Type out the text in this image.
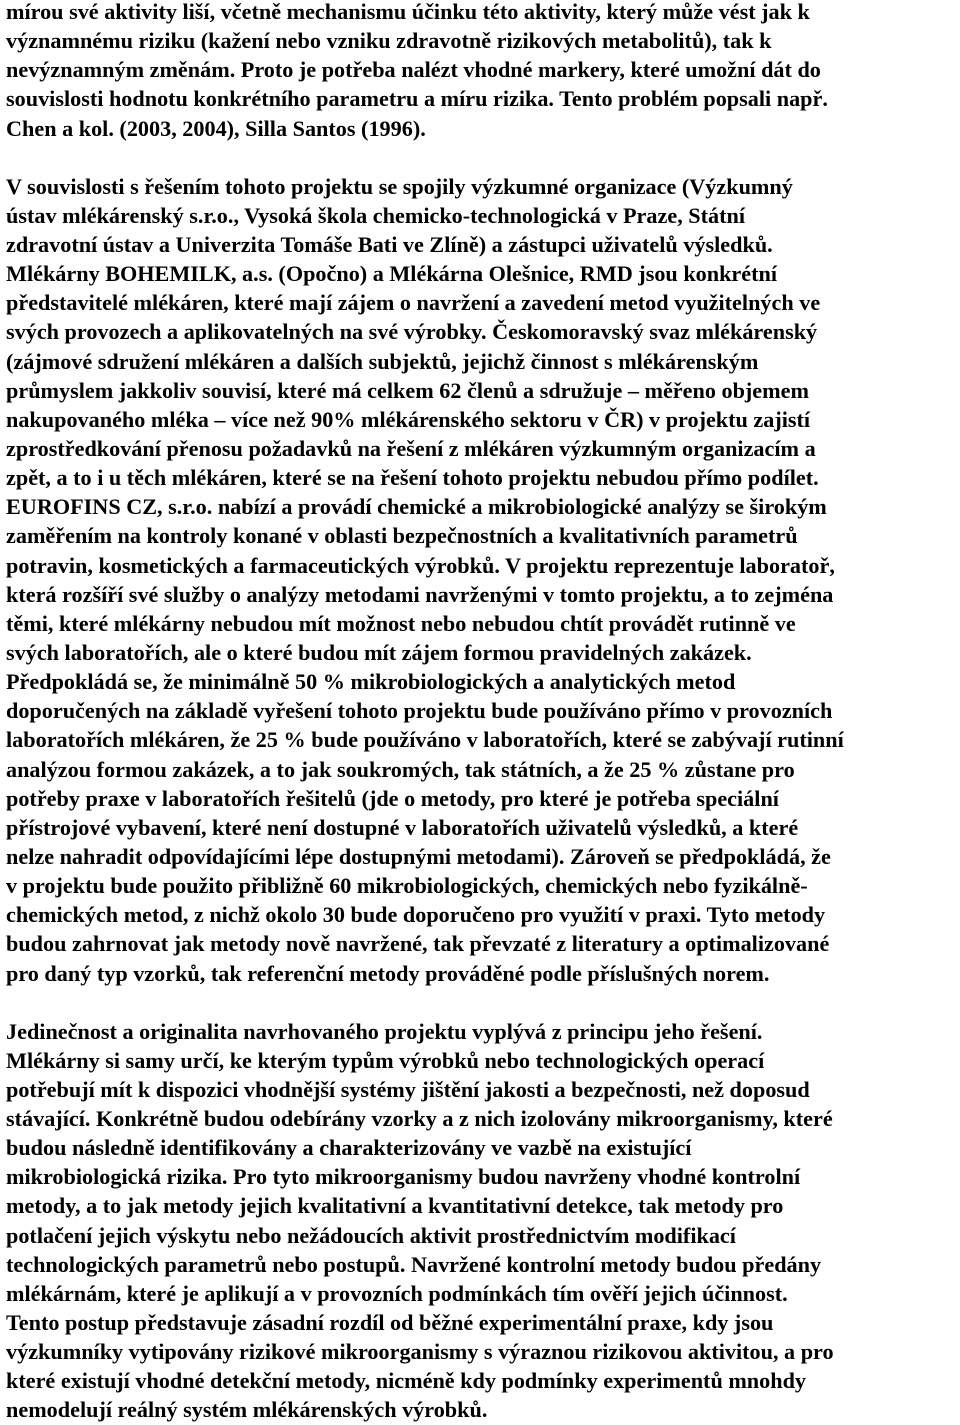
mírou své aktivity liší, včetně mechanismu účinku této aktivity, který může vést jak k
významnému riziku (kažení nebo vzniku zdravotně rizikových metabolitů), tak k
nevýznamným změnám. Proto je potřeba nalézt vhodné markery, které umožní dát do
souvislosti hodnotu konkrétního parametru a míru rizika. Tento problém popsali např.
Chen a kol. (2003, 2004), Silla Santos (1996).
V souvislosti s řešením tohoto projektu se spojily výzkumné organizace (Výzkumný
ústav mlékárenský s.r.o., Vysoká škola chemicko-technologická v Praze, Státní
zdravotní ústav a Univerzita Tomáše Bati ve Zlíně) a zástupci uživatelů výsledků.
Mlékárny BOHEMILK, a.s. (Opočno) a Mlékárna Olešnice, RMD jsou konkrétní
představitelé mlékáren, které mají zájem o navržení a zavedení metod využitelných ve
svých provozech a aplikovatelných na své výrobky. Českomoravský svaz mlékárenský
(zájmové sdružení mlékáren a dalších subjektů, jejichž činnost s mlékárenským
průmyslem jakkoliv souvisí, které má celkem 62 členů a sdružuje – měřeno objemem
nakupovaného mléka – více než 90% mlékárenského sektoru v ČR) v projektu zajistí
zprostředkování přenosu požadavků na řešení z mlékáren výzkumným organizacím a
zpět, a to i u těch mlékáren, které se na řešení tohoto projektu nebudou přímo podílet.
EUROFINS CZ, s.r.o. nabízí a provádí chemické a mikrobiologické analýzy se širokým
zaměřením na kontroly konané v oblasti bezpečnostních a kvalitativních parametrů
potravin, kosmetických a farmaceutických výrobků. V projektu reprezentuje laboratoř,
která rozšíří své služby o analýzy metodami navrženými v tomto projektu, a to zejména
těmi, které mlékárny nebudou mít možnost nebo nebudou chtít provádět rutinně ve
svých laboratořích, ale o které budou mít zájem formou pravidelných zakázek.
Předpokládá se, že minimálně 50 % mikrobiologických a analytických metod
doporučených na základě vyřešení tohoto projektu bude používáno přímo v provozních
laboratořích mlékáren, že 25 % bude používáno v laboratořích, které se zabývají rutinní
analýzou formou zakázek, a to jak soukromých, tak státních, a že 25 % zůstane pro
potřeby praxe v laboratořích řešitelů (jde o metody, pro které je potřeba speciální
přístrojové vybavení, které není dostupné v laboratořích uživatelů výsledků, a které
nelze nahradit odpovídajícími lépe dostupnými metodami). Zároveň se předpokládá, že
v projektu bude použito přibližně 60 mikrobiologických, chemických nebo fyzikálně-
chemických metod, z nichž okolo 30 bude doporučeno pro využití v praxi. Tyto metody
budou zahrnovat jak metody nově navržené, tak převzaté z literatury a optimalizované
pro daný typ vzorků, tak referenční metody prováděné podle příslušných norem.
Jedinečnost a originalita navrhovaného projektu vyplývá z principu jeho řešení.
Mlékárny si samy určí, ke kterým typům výrobků nebo technologických operací
potřebují mít k dispozici vhodnější systémy jištění jakosti a bezpečnosti, než doposud
stávající. Konkrétně budou odebírány vzorky a z nich izolovány mikroorganismy, které
budou následně identifikovány a charakterizovány ve vazbě na existující
mikrobiologická rizika. Pro tyto mikroorganismy budou navrženy vhodné kontrolní
metody, a to jak metody jejich kvalitativní a kvantitativní detekce, tak metody pro
potlačení jejich výskytu nebo nežádoucích aktivit prostřednictvím modifikací
technologických parametrů nebo postupů. Navržené kontrolní metody budou předány
mlékárnám, které je aplikují a v provozních podmínkách tím ověří jejich účinnost.
Tento postup představuje zásadní rozdíl od běžné experimentální praxe, kdy jsou
výzkumníky vytipovány rizikové mikroorganismy s výraznou rizikovou aktivitou, a pro
které existují vhodné detekční metody, nicméně kdy podmínky experimentů mnohdy
nemodelují reálný systém mlékárenských výrobků.
